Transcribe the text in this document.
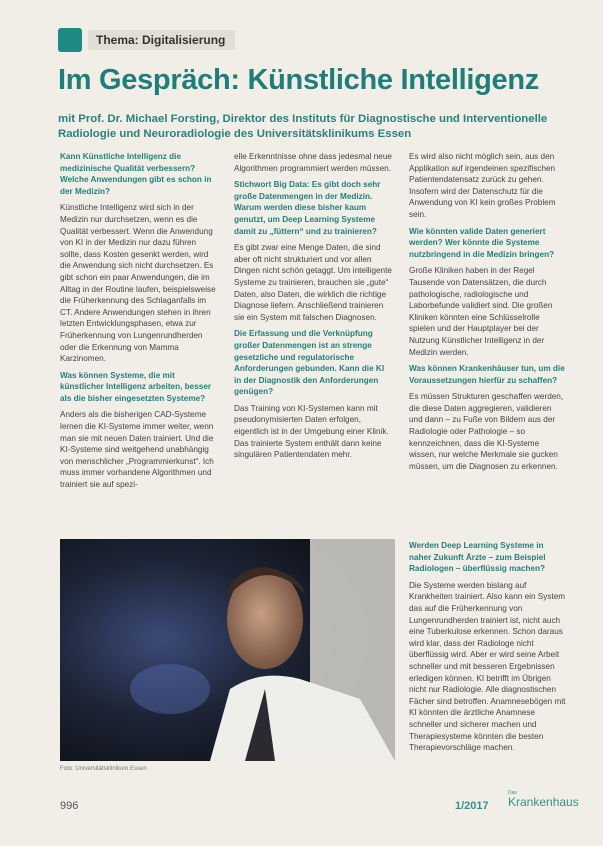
Thema: Digitalisierung
Im Gespräch: Künstliche Intelligenz
mit Prof. Dr. Michael Forsting, Direktor des Instituts für Diagnostische und Interventionelle Radiologie und Neuroradiologie des Universitätsklinikums Essen

Kann Künstliche Intelligenz die medizinische Qualität verbessern? Welche Anwendungen gibt es schon in der Medizin?

Künstliche Intelligenz wird sich in der Medizin nur durchsetzen, wenn es die Qualität verbessert. Wenn die Anwendung von KI in der Medizin nur dazu führen sollte, dass Kosten gesenkt werden, wird die Anwendung sich nicht durchsetzen. Es gibt schon ein paar Anwendungen, die im Alltag in der Routine laufen, beispielsweise die Früherkennung des Schlaganfalls im CT. Andere Anwendungen stehen in ihren letzten Entwicklungsphasen, etwa zur Früherkennung von Lungenrundherden oder die Erkennung von Mamma Karzinomen.

Was können Systeme, die mit künstlicher Intelligenz arbeiten, besser als die bisher eingesetzten Systeme?

Anders als die bisherigen CAD-Systeme lernen die KI-Systeme immer weiter, wenn man sie mit neuen Daten trainiert. Und die KI-Systeme sind weitgehend unabhängig von menschlicher „Programmierkunst“. Ich muss immer vorhandene Algorithmen und trainiert sie auf spezi-

elle Erkenntnisse ohne dass jedesmal neue Algorithmen programmiert werden müssen.

Stichwort Big Data: Es gibt doch sehr große Datenmengen in der Medizin. Warum werden diese bisher kaum genutzt, um Deep Learning Systeme damit zu „füttern“ und zu trainieren?

Es gibt zwar eine Menge Daten, die sind aber oft nicht strukturiert und vor allen Dingen nicht schön getaggt. Um intelligente Systeme zu trainieren, brauchen sie „gute“ Daten, also Daten, die wirklich die richtige Diagnose liefern. Anschließend trainieren sie ein System mit falschen Diagnosen.

Die Erfassung und die Verknüpfung großer Datenmengen ist an strenge gesetzliche und regulatorische Anforderungen gebunden. Kann die KI in der Diagnostik den Anforderungen genügen?

Das Training von KI-Systemen kann mit pseudonymisierten Daten erfolgen, eigentlich ist in der Umgebung einer Klinik. Das trainierte System enthält dann keine singulären Patientendaten mehr.

Es wird also nicht möglich sein, aus den Applikation auf irgendeinen spezifischen Patientendatensatz zurück zu gehen. Insofern wird der Datenschutz für die Anwendung von KI kein großes Problem sein.

Wie könnten valide Daten generiert werden? Wer könnte die Systeme nutzbringend in die Medizin bringen?

Große Kliniken haben in der Regel Tausende von Datensätzen, die durch pathologische, radiologische und Laborbefunde validiert sind. Die großen Kliniken könnten eine Schlüsselrolle spielen und der Hauptplayer bei der Nutzung Künstlicher Intelligenz in der Medizin werden.

Was können Krankenhäuser tun, um die Voraussetzungen hierfür zu schaffen?

Es müssen Strukturen geschaffen werden, die diese Daten aggregieren, validieren und dann – zu Fuße von Bildern aus der Radiologie oder Pathologie – so kennzeichnen, dass die KI-Systeme wissen, nur welche Merkmale sie gucken müssen, um die Diagnosen zu erkennen.

Werden Deep Learning Systeme in naher Zukunft Ärzte – zum Beispiel Radiologen – überflüssig machen?

Die Systeme werden bislang auf Krankheiten trainiert. Also kann ein System das auf die Früherkennung von Lungenrundherden trainiert ist, nicht auch eine Tuberkulose erkennen. Schon daraus wird klar, dass der Radiologe nicht überflüssig wird. Aber er wird seine Arbeit schneller und mit besseren Ergebnissen erledigen können. KI betrifft im Übrigen nicht nur Radiologie. Alle diagnostischen Fächer sind betroffen. Anamnesebögen mit KI könnten die ärztliche Anamnese schneller und sicherer machen und Therapiesysteme könnten die besten Therapievorschläge machen.

Foto: Universitätsklinikum Essen
996	1/2017
Das
Krankenhaus
